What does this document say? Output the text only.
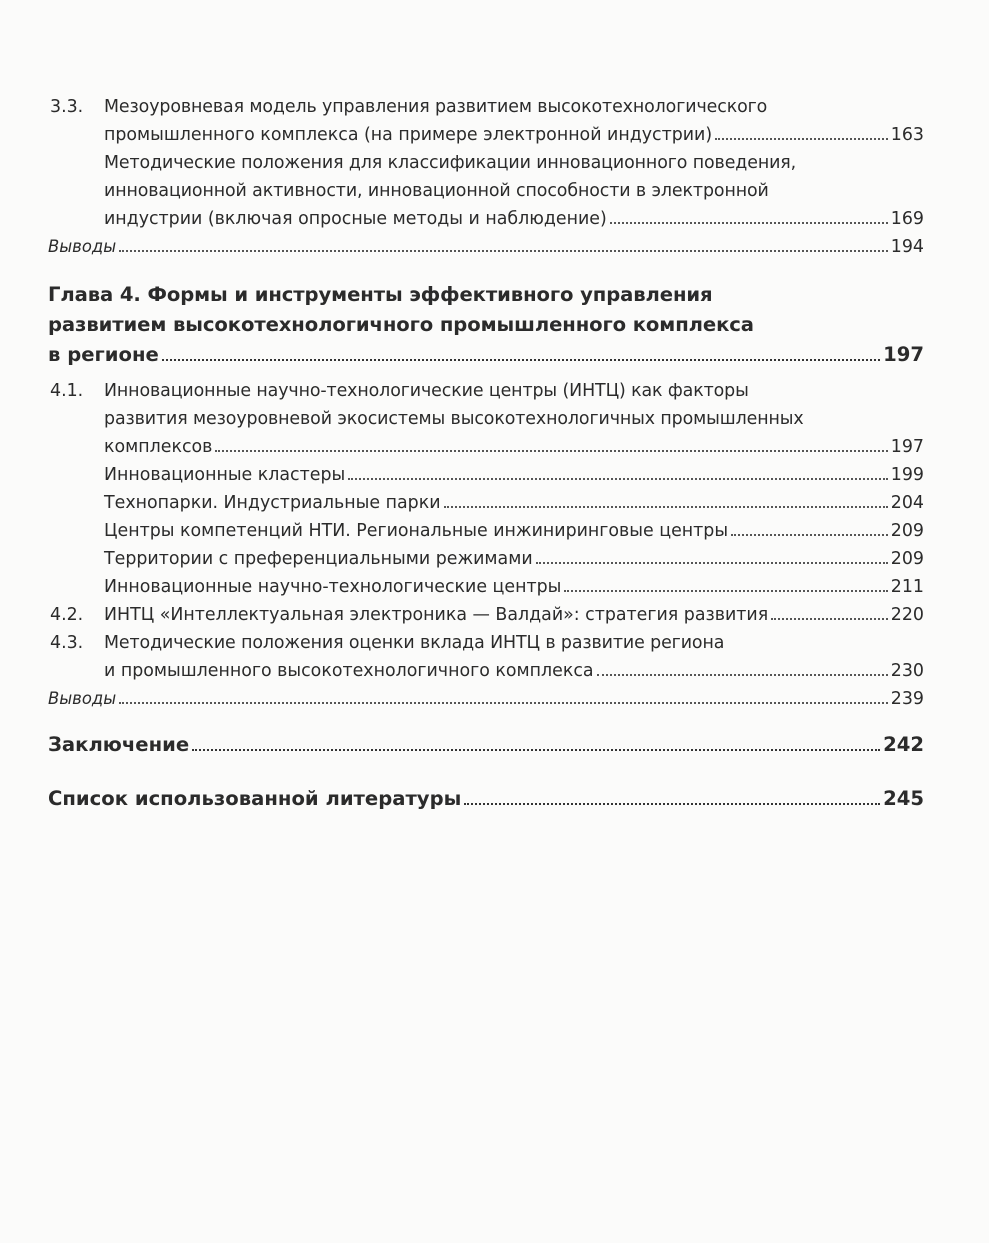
3.3. Мезоуровневая модель управления развитием высокотехнологического
промышленного комплекса (на примере электронной индустрии)	163
Методические положения для классификации инновационного поведения,
инновационной активности, инновационной способности в электронной
индустрии (включая опросные методы и наблюдение)	169
Выводы	194
Глава 4. Формы и инструменты эффективного управления
развитием высокотехнологичного промышленного комплекса
в регионе	197
4.1. Инновационные научно-технологические центры (ИНТЦ) как факторы
развития мезоуровневой экосистемы высокотехнологичных промышленных
комплексов	197
Инновационные кластеры	199
Технопарки. Индустриальные парки	204
Центры компетенций НТИ. Региональные инжиниринговые центры	209
Территории с преференциальными режимами	209
Инновационные научно-технологические центры	211
4.2. ИНТЦ «Интеллектуальная электроника — Валдай»: стратегия развития	220
4.3. Методические положения оценки вклада ИНТЦ в развитие региона
и промышленного высокотехнологичного комплекса	230
Выводы	239
Заключение	242
Список использованной литературы	245
